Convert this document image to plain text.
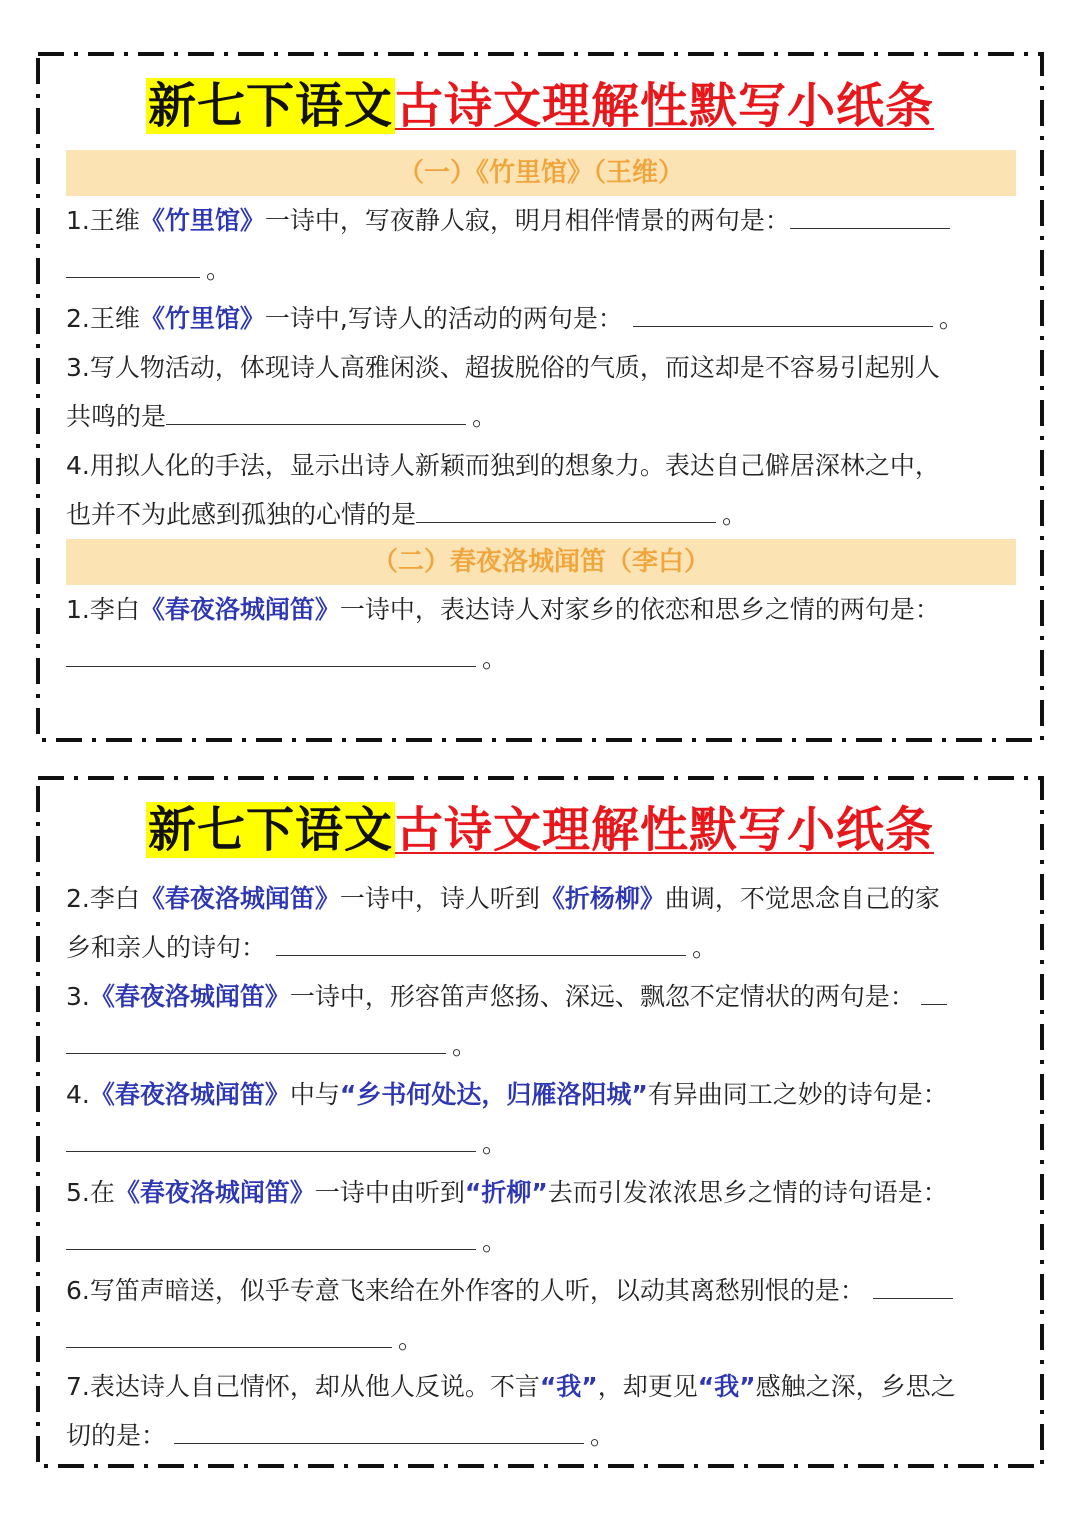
新七下语文古诗文理解性默写小纸条
（一）《竹里馆》（王维）
1.王维《竹里馆》一诗中，写夜静人寂，明月相伴情景的两句是：
。
2.王维《竹里馆》一诗中,写诗人的活动的两句是：	。
3.写人物活动，体现诗人高雅闲淡、超拔脱俗的气质，而这却是不容易引起别人
共鸣的是	。
4.用拟人化的手法，显示出诗人新颖而独到的想象力。表达自己僻居深林之中，
也并不为此感到孤独的心情的是	。
（二）春夜洛城闻笛（李白）
1.李白《春夜洛城闻笛》一诗中，表达诗人对家乡的依恋和思乡之情的两句是：
。
新七下语文古诗文理解性默写小纸条
2.李白《春夜洛城闻笛》一诗中，诗人听到《折杨柳》曲调，不觉思念自己的家
乡和亲人的诗句：	。
3.《春夜洛城闻笛》一诗中，形容笛声悠扬、深远、飘忽不定情状的两句是：
。
4.《春夜洛城闻笛》中与“乡书何处达，归雁洛阳城”有异曲同工之妙的诗句是：
。
5.在《春夜洛城闻笛》一诗中由听到“折柳”去而引发浓浓思乡之情的诗句语是：
。
6.写笛声暗送，似乎专意飞来给在外作客的人听，以动其离愁别恨的是：
。
7.表达诗人自己情怀，却从他人反说。不言“我”，却更见“我”感触之深，乡思之
切的是：	。
